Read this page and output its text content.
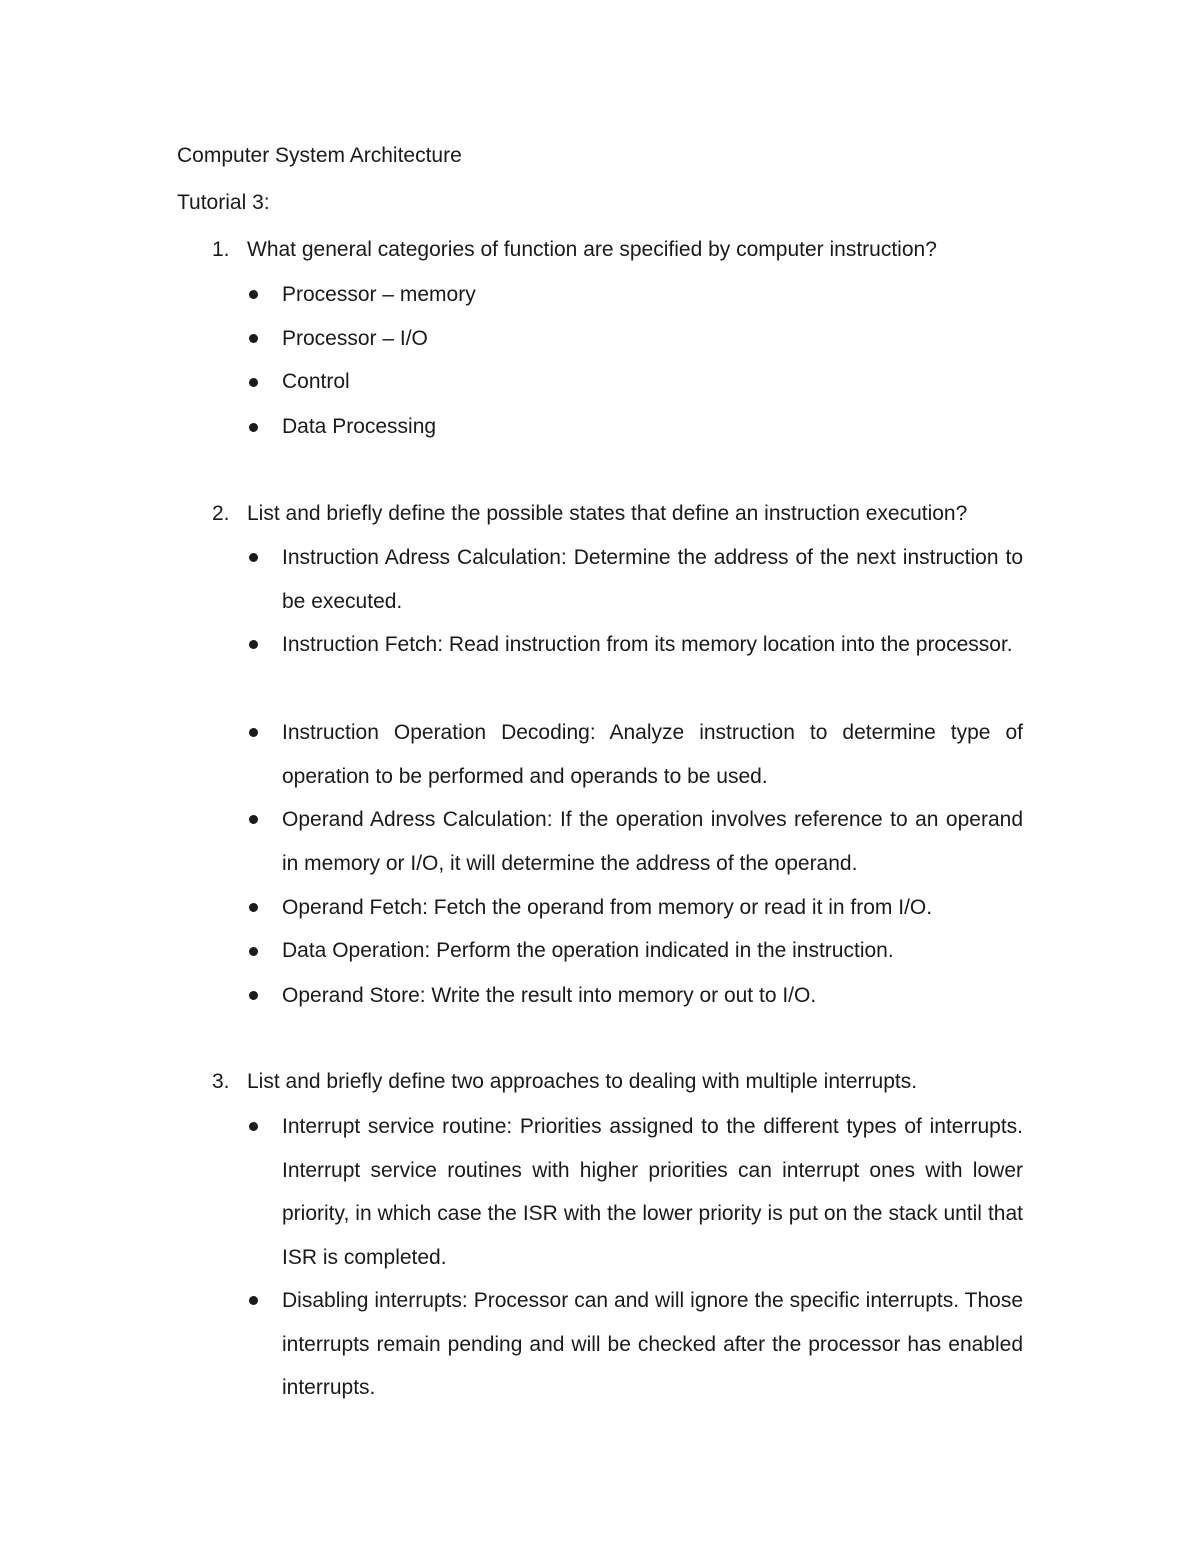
Computer System Architecture
Tutorial 3:
1. What general categories of function are specified by computer instruction?
Processor – memory
Processor – I/O
Control
Data Processing
2. List and briefly define the possible states that define an instruction execution?
Instruction Adress Calculation: Determine the address of the next instruction to be executed.
Instruction Fetch: Read instruction from its memory location into the processor.
Instruction Operation Decoding: Analyze instruction to determine type of operation to be performed and operands to be used.
Operand Adress Calculation: If the operation involves reference to an operand in memory or I/O, it will determine the address of the operand.
Operand Fetch: Fetch the operand from memory or read it in from I/O.
Data Operation: Perform the operation indicated in the instruction.
Operand Store: Write the result into memory or out to I/O.
3. List and briefly define two approaches to dealing with multiple interrupts.
Interrupt service routine: Priorities assigned to the different types of interrupts. Interrupt service routines with higher priorities can interrupt ones with lower priority, in which case the ISR with the lower priority is put on the stack until that ISR is completed.
Disabling interrupts: Processor can and will ignore the specific interrupts. Those interrupts remain pending and will be checked after the processor has enabled interrupts.
